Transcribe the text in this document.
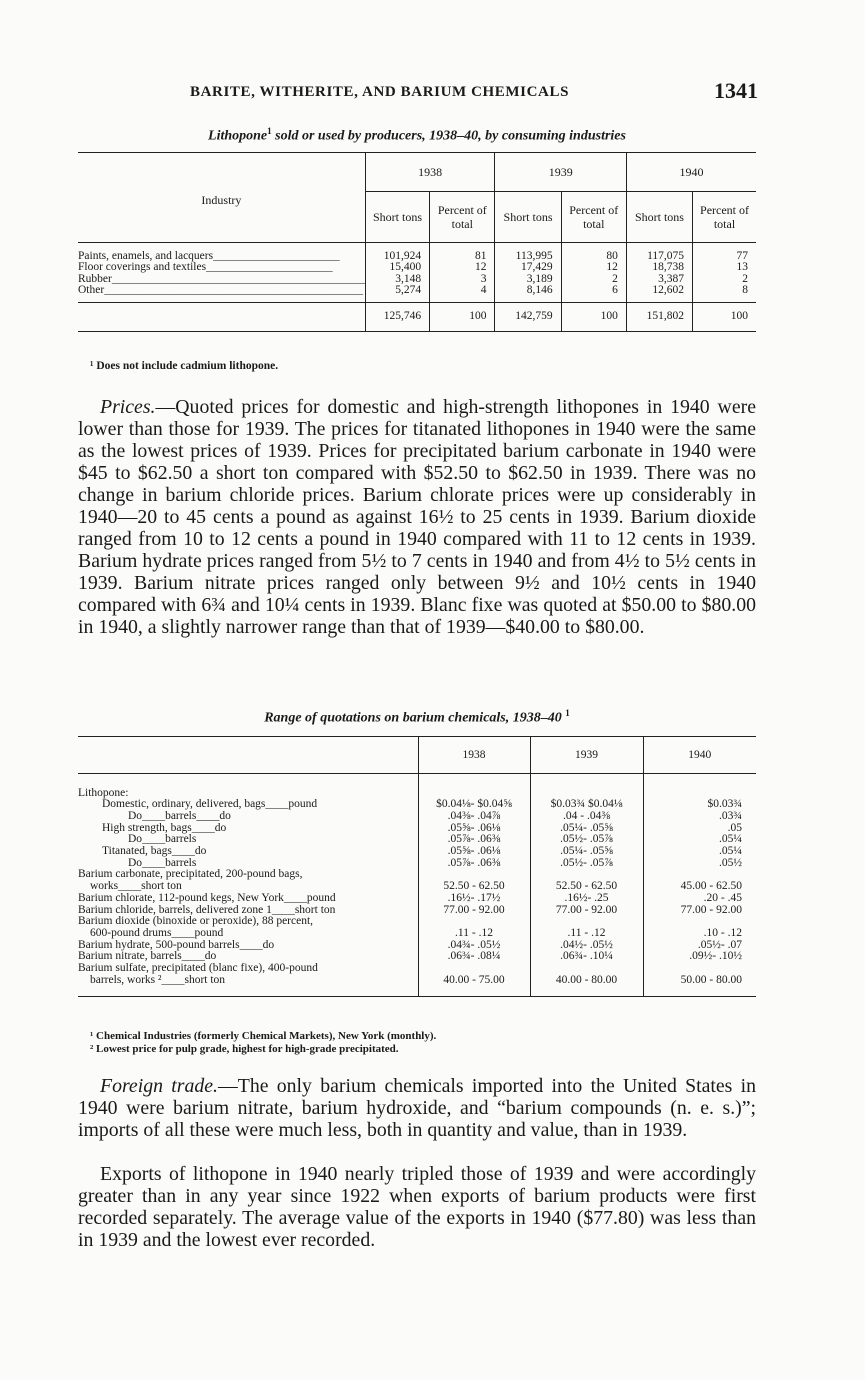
BARITE, WITHERITE, AND BARIUM CHEMICALS	1341
Lithopone$^1$ sold or used by producers, 1938–40, by consuming industries
Industry	1938		1939		1940	
	Short tons	Percent of total	Short tons	Percent of total	Short tons	Percent of total

Paints, enamels, and lacquers______________________	101,924	81	113,995	80	117,075	77
Floor coverings and textiles______________________	15,400	12	17,429	12	18,738	13
Rubber____________________________________________	3,148	3	3,189	2	3,387	2
Other_____________________________________________	5,274	4	8,146	6	12,602	8

	125,746	100	142,759	100	151,802	100
¹ Does not include cadmium lithopone.
Prices.—Quoted prices for domestic and high-strength lithopones in 1940 were lower than those for 1939. The prices for titanated lithopones in 1940 were the same as the lowest prices of 1939. Prices for precipitated barium carbonate in 1940 were $45 to $62.50 a short ton compared with $52.50 to $62.50 in 1939. There was no change in barium chloride prices. Barium chlorate prices were up considerably in 1940—20 to 45 cents a pound as against 16½ to 25 cents in 1939. Barium dioxide ranged from 10 to 12 cents a pound in 1940 compared with 11 to 12 cents in 1939. Barium hydrate prices ranged from 5½ to 7 cents in 1940 and from 4½ to 5½ cents in 1939. Barium nitrate prices ranged only between 9½ and 10½ cents in 1940 compared with 6¾ and 10¼ cents in 1939. Blanc fixe was quoted at $50.00 to $80.00 in 1940, a slightly narrower range than that of 1939—$40.00 to $80.00.
Range of quotations on barium chemicals, 1938–40 $^1$
	1938	1939	1940

Lithopone:			
Domestic, ordinary, delivered, bags____pound	$0.04⅛- $0.04⅝	$0.03¾ $0.04⅛	$0.03¾
Do____barrels____do	.04⅜- .04⅞	.04 - .04⅜	.03¾
High strength, bags____do	.05⅝- .06⅛	.05¼- .05⅝	.05
Do____barrels	.05⅞- .06⅜	.05½- .05⅞	.05¼
Titanated, bags____do	.05⅝- .06⅛	.05¼- .05⅝	.05¼
Do____barrels	.05⅞- .06⅜	.05½- .05⅞	.05½
Barium carbonate, precipitated, 200-pound bags,			
works____short ton	52.50 - 62.50	52.50 - 62.50	45.00 - 62.50
Barium chlorate, 112-pound kegs, New York____pound	.16½- .17½	.16½- .25	.20 - .45
Barium chloride, barrels, delivered zone 1____short ton	77.00 - 92.00	77.00 - 92.00	77.00 - 92.00
Barium dioxide (binoxide or peroxide), 88 percent,			
600-pound drums____pound	.11 - .12	.11 - .12	.10 - .12
Barium hydrate, 500-pound barrels____do	.04¾- .05½	.04½- .05½	.05½- .07
Barium nitrate, barrels____do	.06¾- .08¼	.06¾- .10¼	.09½- .10½
Barium sulfate, precipitated (blanc fixe), 400-pound			
barrels, works ²____short ton	40.00 - 75.00	40.00 - 80.00	50.00 - 80.00

¹ Chemical Industries (formerly Chemical Markets), New York (monthly).
² Lowest price for pulp grade, highest for high-grade precipitated.
Foreign trade.—The only barium chemicals imported into the United States in 1940 were barium nitrate, barium hydroxide, and “barium compounds (n. e. s.)”; imports of all these were much less, both in quantity and value, than in 1939.
Exports of lithopone in 1940 nearly tripled those of 1939 and were accordingly greater than in any year since 1922 when exports of barium products were first recorded separately. The average value of the exports in 1940 ($77.80) was less than in 1939 and the lowest ever recorded.
